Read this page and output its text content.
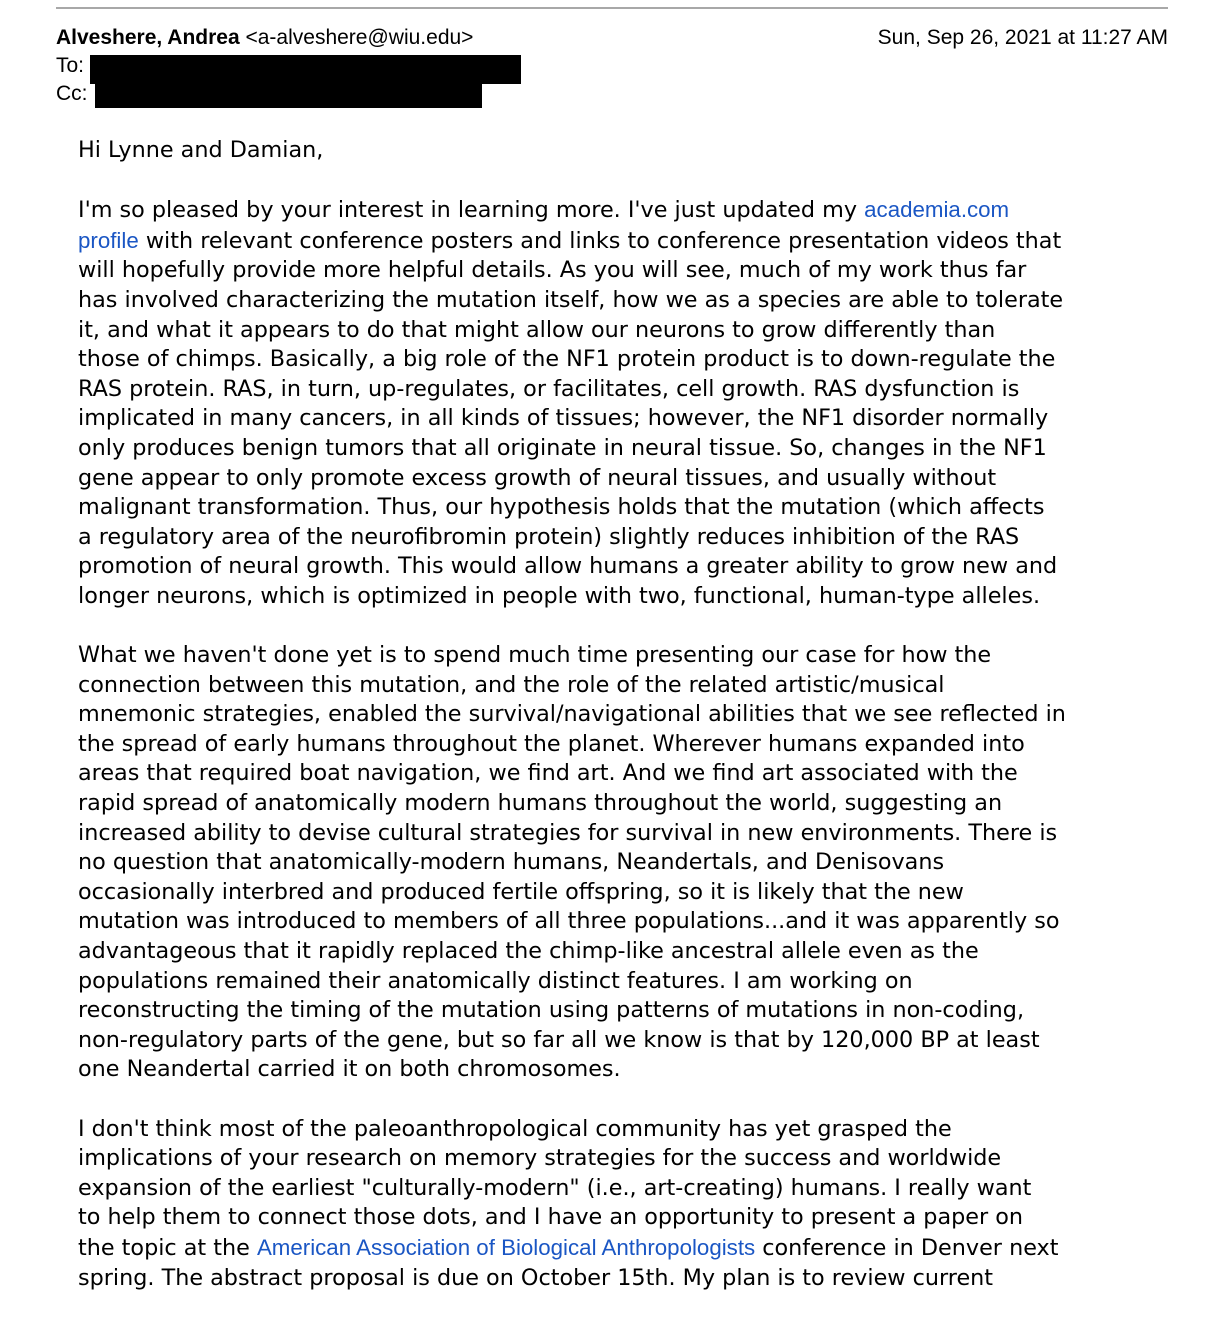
Alveshere, Andrea <a-alveshere@wiu.edu>	Sun, Sep 26, 2021 at 11:27 AM
To:
Cc:

Hi Lynne and Damian,

I'm so pleased by your interest in learning more. I've just updated my academia.com
profile with relevant conference posters and links to conference presentation videos that
will hopefully provide more helpful details. As you will see, much of my work thus far
has involved characterizing the mutation itself, how we as a species are able to tolerate
it, and what it appears to do that might allow our neurons to grow differently than
those of chimps. Basically, a big role of the NF1 protein product is to down-regulate the
RAS protein. RAS, in turn, up-regulates, or facilitates, cell growth. RAS dysfunction is
implicated in many cancers, in all kinds of tissues; however, the NF1 disorder normally
only produces benign tumors that all originate in neural tissue. So, changes in the NF1
gene appear to only promote excess growth of neural tissues, and usually without
malignant transformation. Thus, our hypothesis holds that the mutation (which affects
a regulatory area of the neurofibromin protein) slightly reduces inhibition of the RAS
promotion of neural growth. This would allow humans a greater ability to grow new and
longer neurons, which is optimized in people with two, functional, human-type alleles.

What we haven't done yet is to spend much time presenting our case for how the
connection between this mutation, and the role of the related artistic/musical
mnemonic strategies, enabled the survival/navigational abilities that we see reflected in
the spread of early humans throughout the planet. Wherever humans expanded into
areas that required boat navigation, we find art. And we find art associated with the
rapid spread of anatomically modern humans throughout the world, suggesting an
increased ability to devise cultural strategies for survival in new environments. There is
no question that anatomically-modern humans, Neandertals, and Denisovans
occasionally interbred and produced fertile offspring, so it is likely that the new
mutation was introduced to members of all three populations...and it was apparently so
advantageous that it rapidly replaced the chimp-like ancestral allele even as the
populations remained their anatomically distinct features. I am working on
reconstructing the timing of the mutation using patterns of mutations in non-coding,
non-regulatory parts of the gene, but so far all we know is that by 120,000 BP at least
one Neandertal carried it on both chromosomes.

I don't think most of the paleoanthropological community has yet grasped the
implications of your research on memory strategies for the success and worldwide
expansion of the earliest "culturally-modern" (i.e., art-creating) humans. I really want
to help them to connect those dots, and I have an opportunity to present a paper on
the topic at the American Association of Biological Anthropologists conference in Denver next
spring. The abstract proposal is due on October 15th. My plan is to review current
